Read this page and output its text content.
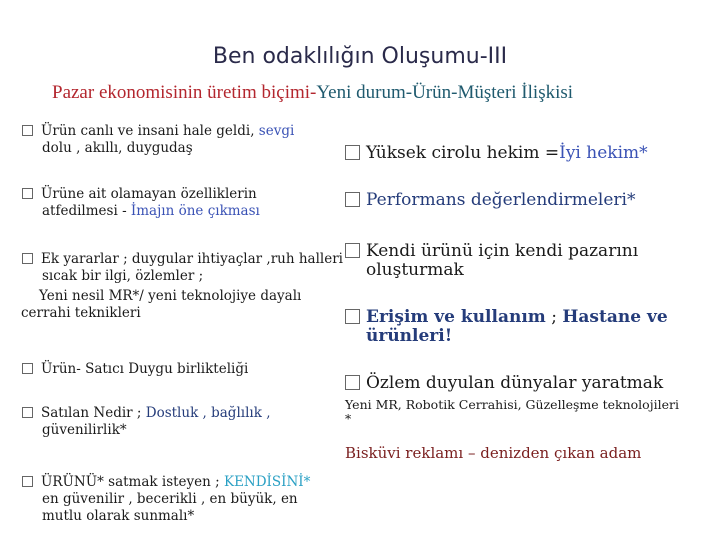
Ben odaklılığın Oluşumu-III
Pazar ekonomisinin üretim biçimi-Yeni durum-Ürün-Müşteri İlişkisi
Ürün canlı ve insani hale geldi, sevgi
dolu , akıllı, duygudaş
Ürüne ait olamayan özelliklerin
atfedilmesi - İmajın öne çıkması
Ek yararlar ; duygular ihtiyaçlar ,ruh halleri
sıcak bir ilgi, özlemler ;
Yeni nesil MR*/ yeni teknolojiye dayalı
cerrahi teknikleri
Ürün- Satıcı Duygu birlikteliği
Satılan Nedir ; Dostluk , bağlılık ,
güvenilirlik*
ÜRÜNÜ* satmak isteyen ; KENDİSİNİ*
en güvenilir , becerikli , en büyük, en
mutlu olarak sunmalı*
Yüksek cirolu hekim =İyi hekim*
Performans değerlendirmeleri*
Kendi ürünü için kendi pazarını
oluşturmak
Erişim ve kullanım ; Hastane ve
ürünleri!
Özlem duyulan dünyalar yaratmak
Yeni MR, Robotik Cerrahisi, Güzelleşme teknolojileri
*
Bisküvi reklamı – denizden çıkan adam
